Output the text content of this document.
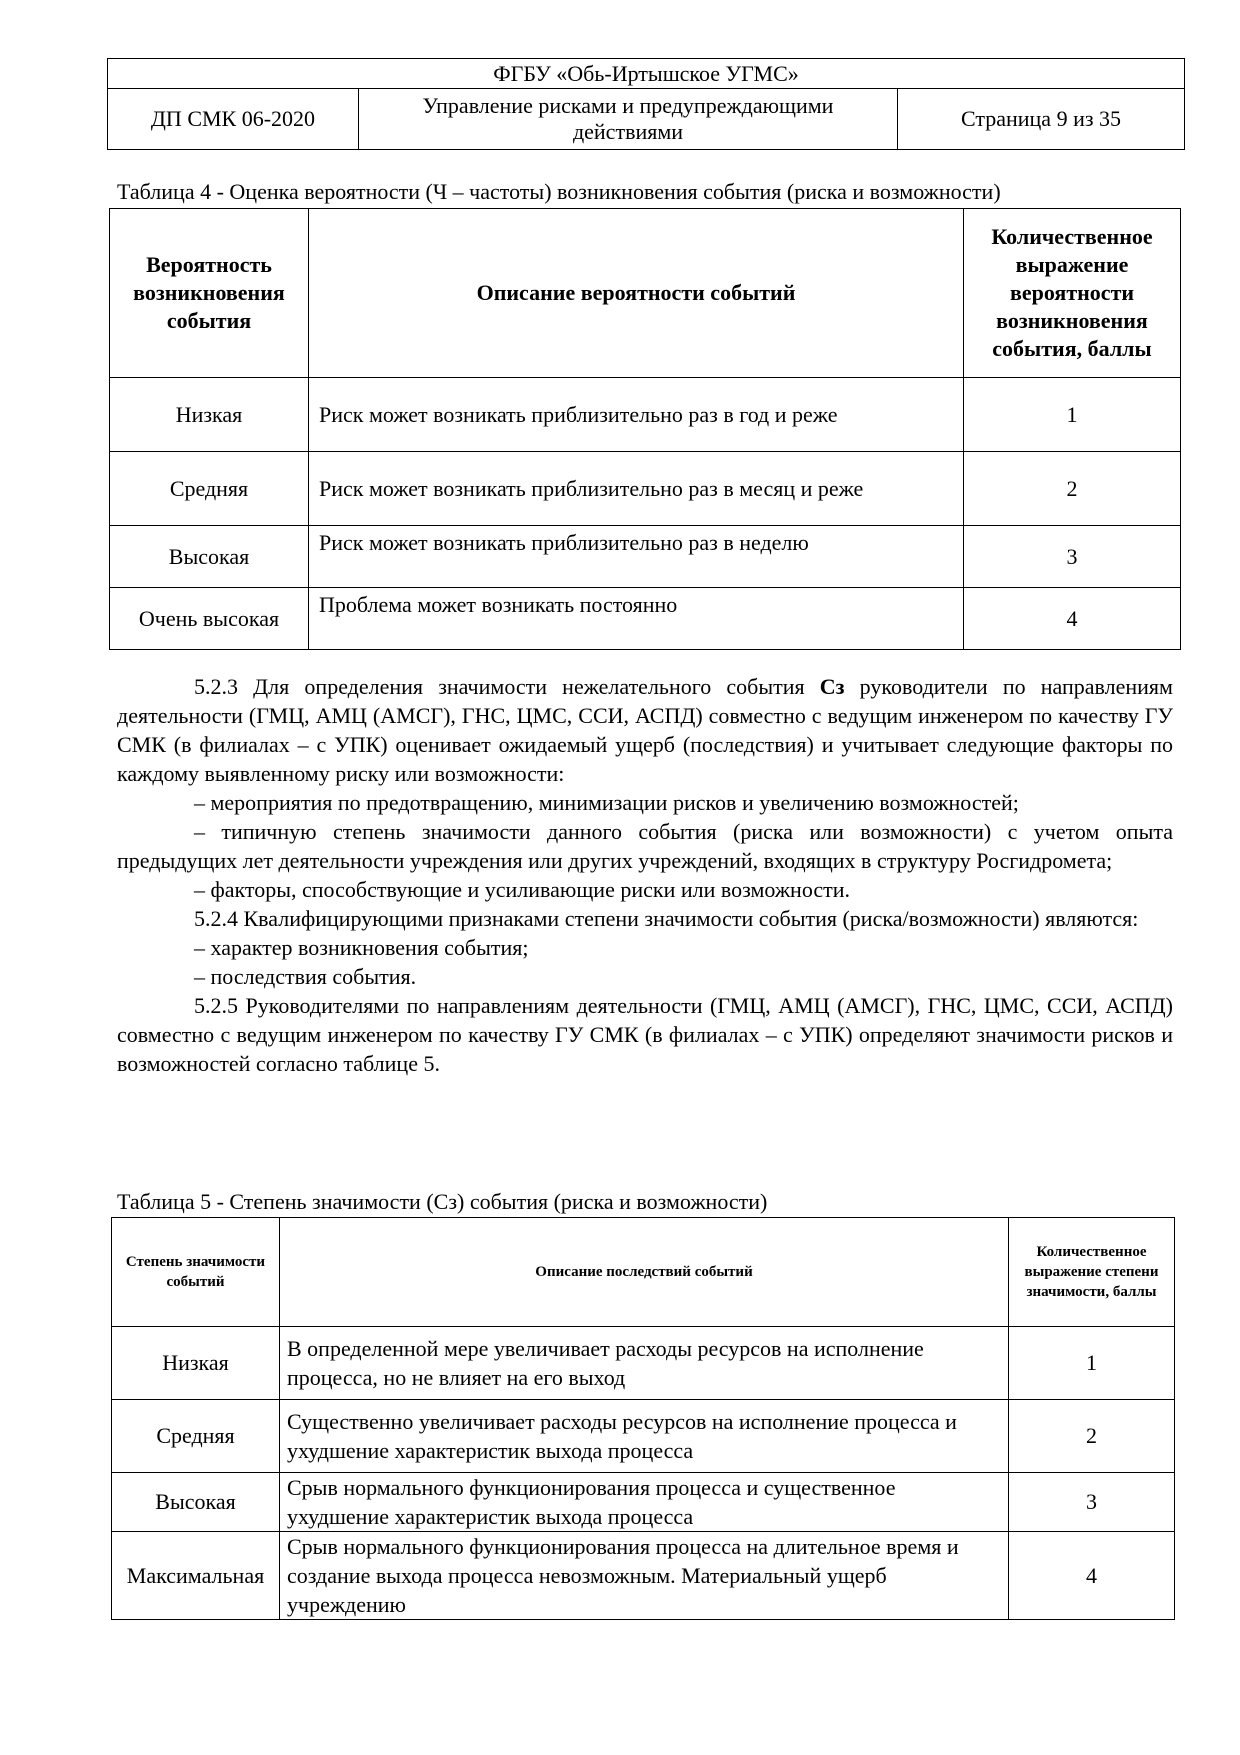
ФГБУ «Обь-Иртышское УГМС»
ДП СМК 06-2020	Управление рисками и предупреждающими действиями	Страница 9 из 35
Таблица 4 - Оценка вероятности (Ч – частоты) возникновения события (риска и возможности)
Вероятность возникновения события	Описание вероятности событий	Количественное выражение вероятности возникновения события, баллы
Низкая	Риск может возникать приблизительно раз в год и реже	1
Средняя	Риск может возникать приблизительно раз в месяц и реже	2
Высокая	Риск может возникать приблизительно раз в неделю	3
Очень высокая	Проблема может возникать постоянно	4

5.2.3 Для определения значимости нежелательного события Сз руководители по направлениям деятельности (ГМЦ, АМЦ (АМСГ), ГНС, ЦМС, ССИ, АСПД) совместно с ведущим инженером по качеству ГУ СМК (в филиалах – с УПК) оценивает ожидаемый ущерб (последствия) и учитывает следующие факторы по каждому выявленному риску или возможности:

– мероприятия по предотвращению, минимизации рисков и увеличению возможностей;

– типичную степень значимости данного события (риска или возможности) с учетом опыта предыдущих лет деятельности учреждения или других учреждений, входящих в структуру Росгидромета;

– факторы, способствующие и усиливающие риски или возможности.

5.2.4 Квалифицирующими признаками степени значимости события (риска/возможности) являются:

– характер возникновения события;

– последствия события.

5.2.5 Руководителями по направлениям деятельности (ГМЦ, АМЦ (АМСГ), ГНС, ЦМС, ССИ, АСПД) совместно с ведущим инженером по качеству ГУ СМК (в филиалах – с УПК) определяют значимости рисков и возможностей согласно таблице 5.

Таблица 5 - Степень значимости (Сз) события (риска и возможности)
Степень значимости событий	Описание последствий событий	Количественное выражение степени значимости, баллы
Низкая	В определенной мере увеличивает расходы ресурсов на исполнение процесса, но не влияет на его выход	1
Средняя	Существенно увеличивает расходы ресурсов на исполнение процесса и ухудшение характеристик выхода процесса	2
Высокая	Срыв нормального функционирования процесса и существенное ухудшение характеристик выхода процесса	3
Максимальная	Срыв нормального функционирования процесса на длительное время и создание выхода процесса невозможным. Материальный ущерб учреждению	4
